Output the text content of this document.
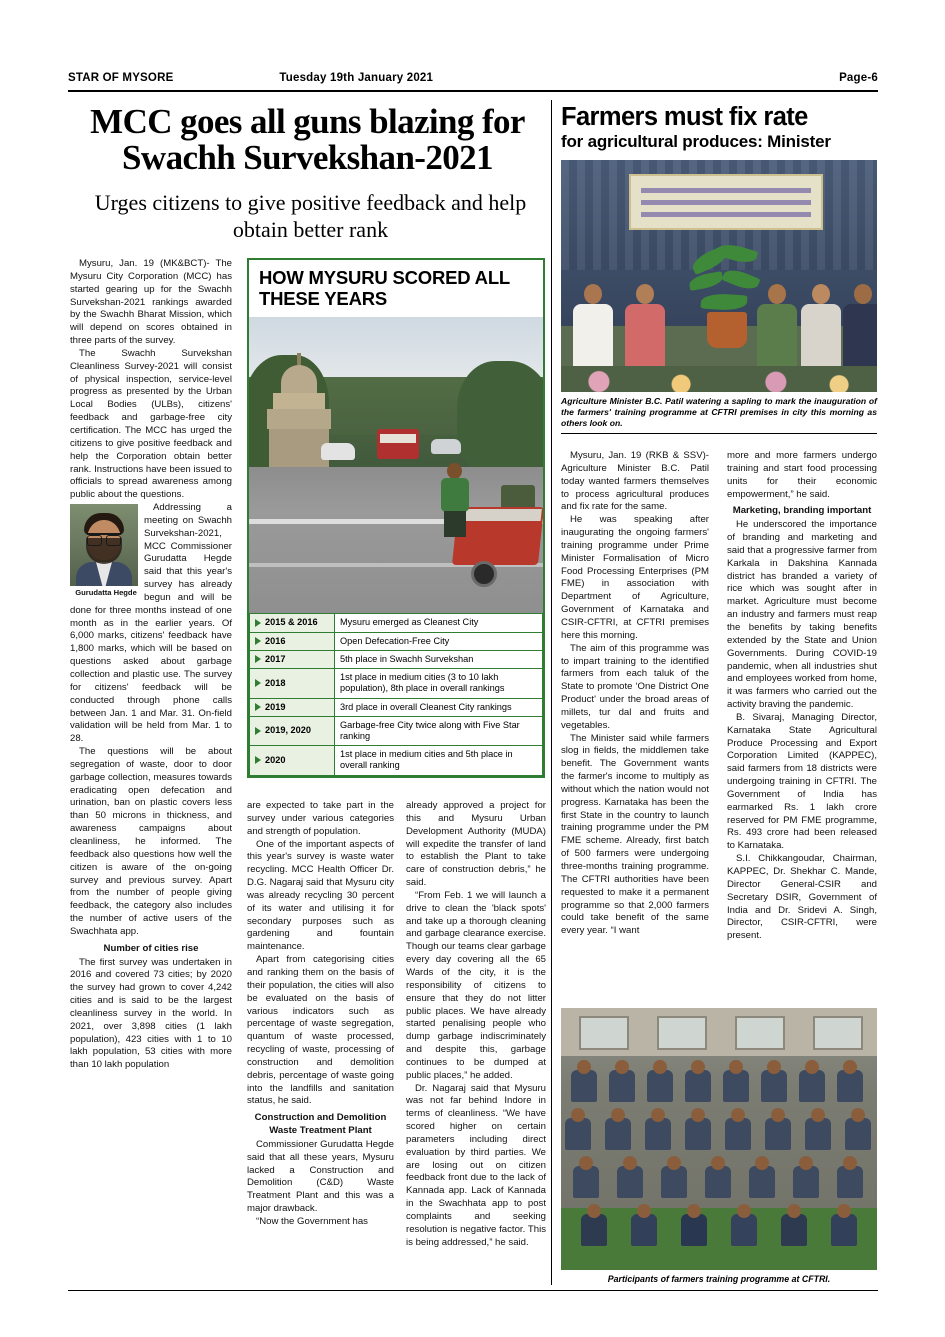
STAR OF MYSORE	Tuesday 19th January 2021	Page-6
MCC goes all guns blazing for Swachh Survekshan-2021
Urges citizens to give positive feedback and help obtain better rank

Mysuru, Jan. 19 (MK&BCT)- The Mysuru City Corporation (MCC) has started gearing up for the Swachh Survekshan-2021 rankings awarded by the Swachh Bharat Mission, which will depend on scores obtained in three parts of the survey.

The Swachh Survekshan Cleanliness Survey-2021 will consist of physical inspection, service-level progress as presented by the Urban Local Bodies (ULBs), citizens' feedback and garbage-free city certification. The MCC has urged the citizens to give positive feedback and help the Corporation obtain better rank. Instructions have been issued to officials to spread awareness among public about the questions.

Gurudatta Hegde

Addressing a meeting on Swachh Survekshan-2021, MCC Commissioner Gurudatta Hegde said that this year's survey has already begun and will be done for three months instead of one month as in the earlier years. Of 6,000 marks, citizens' feedback have 1,800 marks, which will be based on questions asked about garbage collection and plastic use. The survey for citizens' feedback will be conducted through phone calls between Jan. 1 and Mar. 31. On-field validation will be held from Mar. 1 to 28.

The questions will be about segregation of waste, door to door garbage collection, measures towards eradicating open defecation and urination, ban on plastic covers less than 50 microns in thickness, and awareness campaigns about cleanliness, he informed. The feedback also questions how well the citizen is aware of the on-going survey and previous survey. Apart from the number of people giving feedback, the category also includes the number of active users of the Swachhata app.

Number of cities rise

The first survey was undertaken in 2016 and covered 73 cities; by 2020 the survey had grown to cover 4,242 cities and is said to be the largest cleanliness survey in the world. In 2021, over 3,898 cities (1 lakh population), 423 cities with 1 to 10 lakh population, 53 cities with more than 10 lakh population

HOW MYSURU SCORED ALL THESE YEARS
2015 & 2016	Mysuru emerged as Cleanest City
2016	Open Defecation-Free City
2017	5th place in Swachh Survekshan
2018	1st place in medium cities (3 to 10 lakh population), 8th place in overall rankings
2019	3rd place in overall Cleanest City rankings
2019, 2020	Garbage-free City twice along with Five Star ranking
2020	1st place in medium cities and 5th place in overall ranking

are expected to take part in the survey under various categories and strength of population.

One of the important aspects of this year's survey is waste water recycling. MCC Health Officer Dr. D.G. Nagaraj said that Mysuru city was already recycling 30 percent of its water and utilising it for secondary purposes such as gardening and fountain maintenance.

Apart from categorising cities and ranking them on the basis of their population, the cities will also be evaluated on the basis of various indicators such as percentage of waste segregation, quantum of waste processed, recycling of waste, processing of construction and demolition debris, percentage of waste going into the landfills and sanitation status, he said.

Construction and Demolition Waste Treatment Plant

Commissioner Gurudatta Hegde said that all these years, Mysuru lacked a Construction and Demolition (C&D) Waste Treatment Plant and this was a major drawback.

“Now the Government has

already approved a project for this and Mysuru Urban Development Authority (MUDA) will expedite the transfer of land to establish the Plant to take care of construction debris,” he said.

“From Feb. 1 we will launch a drive to clean the 'black spots' and take up a thorough cleaning and garbage clearance exercise. Though our teams clear garbage every day covering all the 65 Wards of the city, it is the responsibility of citizens to ensure that they do not litter public places. We have already started penalising people who dump garbage indiscriminately and despite this, garbage continues to be dumped at public places,” he added.

Dr. Nagaraj said that Mysuru was not far behind Indore in terms of cleanliness. “We have scored higher on certain parameters including direct evaluation by third parties. We are losing out on citizen feedback front due to the lack of Kannada app. Lack of Kannada in the Swachhata app to post complaints and seeking resolution is negative factor. This is being addressed,” he said.

Farmers must fix rate
for agricultural produces: Minister
Agriculture Minister B.C. Patil watering a sapling to mark the inauguration of the farmers' training programme at CFTRI premises in city this morning as others look on.

Mysuru, Jan. 19 (RKB & SSV)- Agriculture Minister B.C. Patil today wanted farmers themselves to process agricultural produces and fix rate for the same.

He was speaking after inaugurating the ongoing farmers' training programme under Prime Minister Formalisation of Micro Food Processing Enterprises (PM FME) in association with Department of Agriculture, Government of Karnataka and CSIR-CFTRI, at CFTRI premises here this morning.

The aim of this programme was to impart training to the identified farmers from each taluk of the State to promote ‘One District One Product' under the broad areas of millets, tur dal and fruits and vegetables.

The Minister said while farmers slog in fields, the middlemen take benefit. The Government wants the farmer's income to multiply as without which the nation would not progress. Karnataka has been the first State in the country to launch training programme under the PM FME scheme. Already, first batch of 500 farmers were undergoing three-months training programme. The CFTRI authorities have been requested to make it a permanent programme so that 2,000 farmers could take benefit of the same every year. “I want

more and more farmers undergo training and start food processing units for their economic empowerment,” he said.

Marketing, branding important

He underscored the importance of branding and marketing and said that a progressive farmer from Karkala in Dakshina Kannada district has branded a variety of rice which was sought after in market. Agriculture must become an industry and farmers must reap the benefits by taking benefits extended by the State and Union Governments. During COVID-19 pandemic, when all industries shut and employees worked from home, it was farmers who carried out the activity braving the pandemic.

B. Sivaraj, Managing Director, Karnataka State Agricultural Produce Processing and Export Corporation Limited (KAPPEC), said farmers from 18 districts were undergoing training in CFTRI. The Government of India has earmarked Rs. 1 lakh crore reserved for PM FME programme, Rs. 493 crore had been released to Karnataka.

S.I. Chikkangoudar, Chairman, KAPPEC, Dr. Shekhar C. Mande, Director General-CSIR and Secretary DSIR, Government of India and Dr. Sridevi A. Singh, Director, CSIR-CFTRI, were present.

Participants of farmers training programme at CFTRI.
